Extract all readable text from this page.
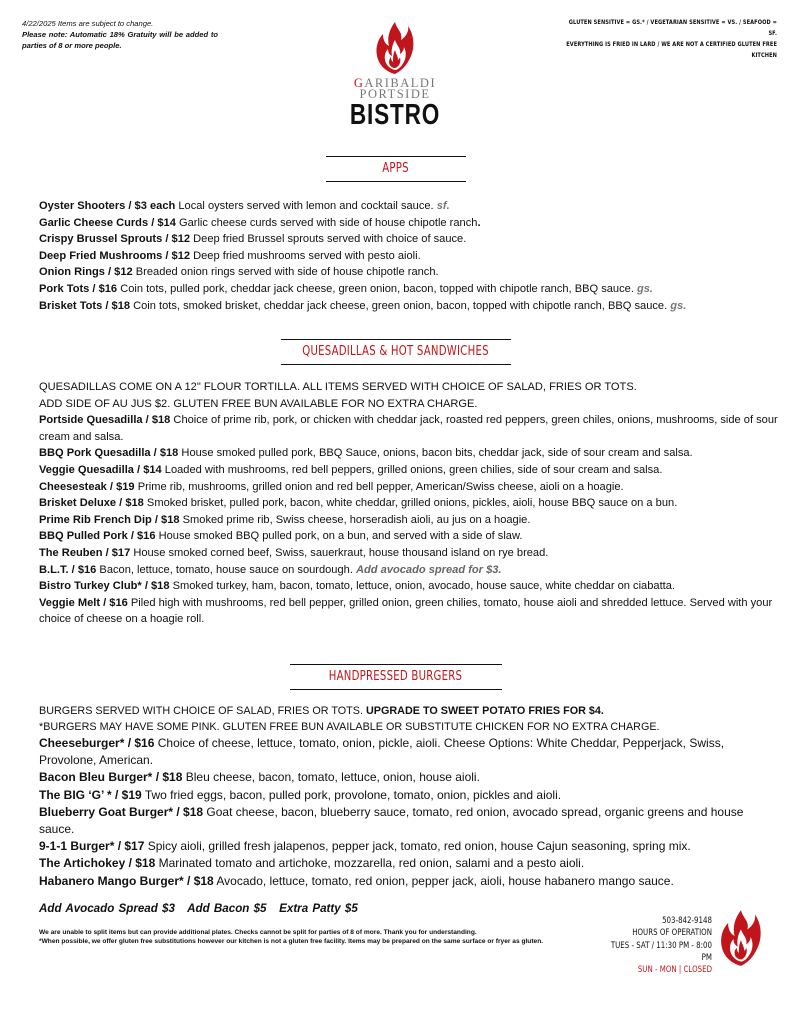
4/22/2025 Items are subject to change.
Please note: Automatic 18% Gratuity will be added to parties of 8 or more people.
GLUTEN SENSITIVE = GS.* / VEGETARIAN SENSITIVE = VS. / SEAFOOD = SF.
EVERYTHING IS FRIED IN LARD / WE ARE NOT A CERTIFIED GLUTEN FREE KITCHEN
GARIBALDI
PORTSIDE
BISTRO
APPS

Oyster Shooters / $3 each Local oysters served with lemon and cocktail sauce. sf.

Garlic Cheese Curds / $14 Garlic cheese curds served with side of house chipotle ranch.

Crispy Brussel Sprouts / $12 Deep fried Brussel sprouts served with choice of sauce.

Deep Fried Mushrooms / $12 Deep fried mushrooms served with pesto aioli.

Onion Rings / $12 Breaded onion rings served with side of house chipotle ranch.

Pork Tots / $16 Coin tots, pulled pork, cheddar jack cheese, green onion, bacon, topped with chipotle ranch, BBQ sauce. gs.

Brisket Tots / $18 Coin tots, smoked brisket, cheddar jack cheese, green onion, bacon, topped with chipotle ranch, BBQ sauce. gs.

QUESADILLAS & HOT SANDWICHES

QUESADILLAS COME ON A 12" FLOUR TORTILLA. ALL ITEMS SERVED WITH CHOICE OF SALAD, FRIES OR TOTS.

ADD SIDE OF AU JUS $2. GLUTEN FREE BUN AVAILABLE FOR NO EXTRA CHARGE.

Portside Quesadilla / $18 Choice of prime rib, pork, or chicken with cheddar jack, roasted red peppers, green chiles, onions, mushrooms, side of sour cream and salsa.

BBQ Pork Quesadilla / $18 House smoked pulled pork, BBQ Sauce, onions, bacon bits, cheddar jack, side of sour cream and salsa.

Veggie Quesadilla / $14 Loaded with mushrooms, red bell peppers, grilled onions, green chilies, side of sour cream and salsa.

Cheesesteak / $19 Prime rib, mushrooms, grilled onion and red bell pepper, American/Swiss cheese, aioli on a hoagie.

Brisket Deluxe / $18 Smoked brisket, pulled pork, bacon, white cheddar, grilled onions, pickles, aioli, house BBQ sauce on a bun.

Prime Rib French Dip / $18 Smoked prime rib, Swiss cheese, horseradish aioli, au jus on a hoagie.

BBQ Pulled Pork / $16 House smoked BBQ pulled pork, on a bun, and served with a side of slaw.

The Reuben / $17 House smoked corned beef, Swiss, sauerkraut, house thousand island on rye bread.

B.L.T. / $16 Bacon, lettuce, tomato, house sauce on sourdough. Add avocado spread for $3.

Bistro Turkey Club* / $18 Smoked turkey, ham, bacon, tomato, lettuce, onion, avocado, house sauce, white cheddar on ciabatta.

Veggie Melt / $16 Piled high with mushrooms, red bell pepper, grilled onion, green chilies, tomato, house aioli and shredded lettuce. Served with your choice of cheese on a hoagie roll.

HANDPRESSED BURGERS

BURGERS SERVED WITH CHOICE OF SALAD, FRIES OR TOTS. UPGRADE TO SWEET POTATO FRIES FOR $4.

*BURGERS MAY HAVE SOME PINK. GLUTEN FREE BUN AVAILABLE OR SUBSTITUTE CHICKEN FOR NO EXTRA CHARGE.

Cheeseburger* / $16 Choice of cheese, lettuce, tomato, onion, pickle, aioli. Cheese Options: White Cheddar, Pepperjack, Swiss, Provolone, American.

Bacon Bleu Burger* / $18 Bleu cheese, bacon, tomato, lettuce, onion, house aioli.

The BIG ‘G’ * / $19 Two fried eggs, bacon, pulled pork, provolone, tomato, onion, pickles and aioli.

Blueberry Goat Burger* / $18 Goat cheese, bacon, blueberry sauce, tomato, red onion, avocado spread, organic greens and house sauce.

9-1-1 Burger* / $17 Spicy aioli, grilled fresh jalapenos, pepper jack, tomato, red onion, house Cajun seasoning, spring mix.

The Artichokey / $18 Marinated tomato and artichoke, mozzarella, red onion, salami and a pesto aioli.

Habanero Mango Burger* / $18 Avocado, lettuce, tomato, red onion, pepper jack, aioli, house habanero mango sauce.

Add Avocado Spread $3   Add Bacon $5   Extra Patty $5

We are unable to split items but can provide additional plates. Checks cannot be split for parties of 8 of more. Thank you for understanding.

*When possible, we offer gluten free substitutions however our kitchen is not a gluten free facility. Items may be prepared on the same surface or fryer as gluten.

503-842-9148
HOURS OF OPERATION
TUES - SAT / 11:30 PM - 8:00 PM
SUN - MON | CLOSED
